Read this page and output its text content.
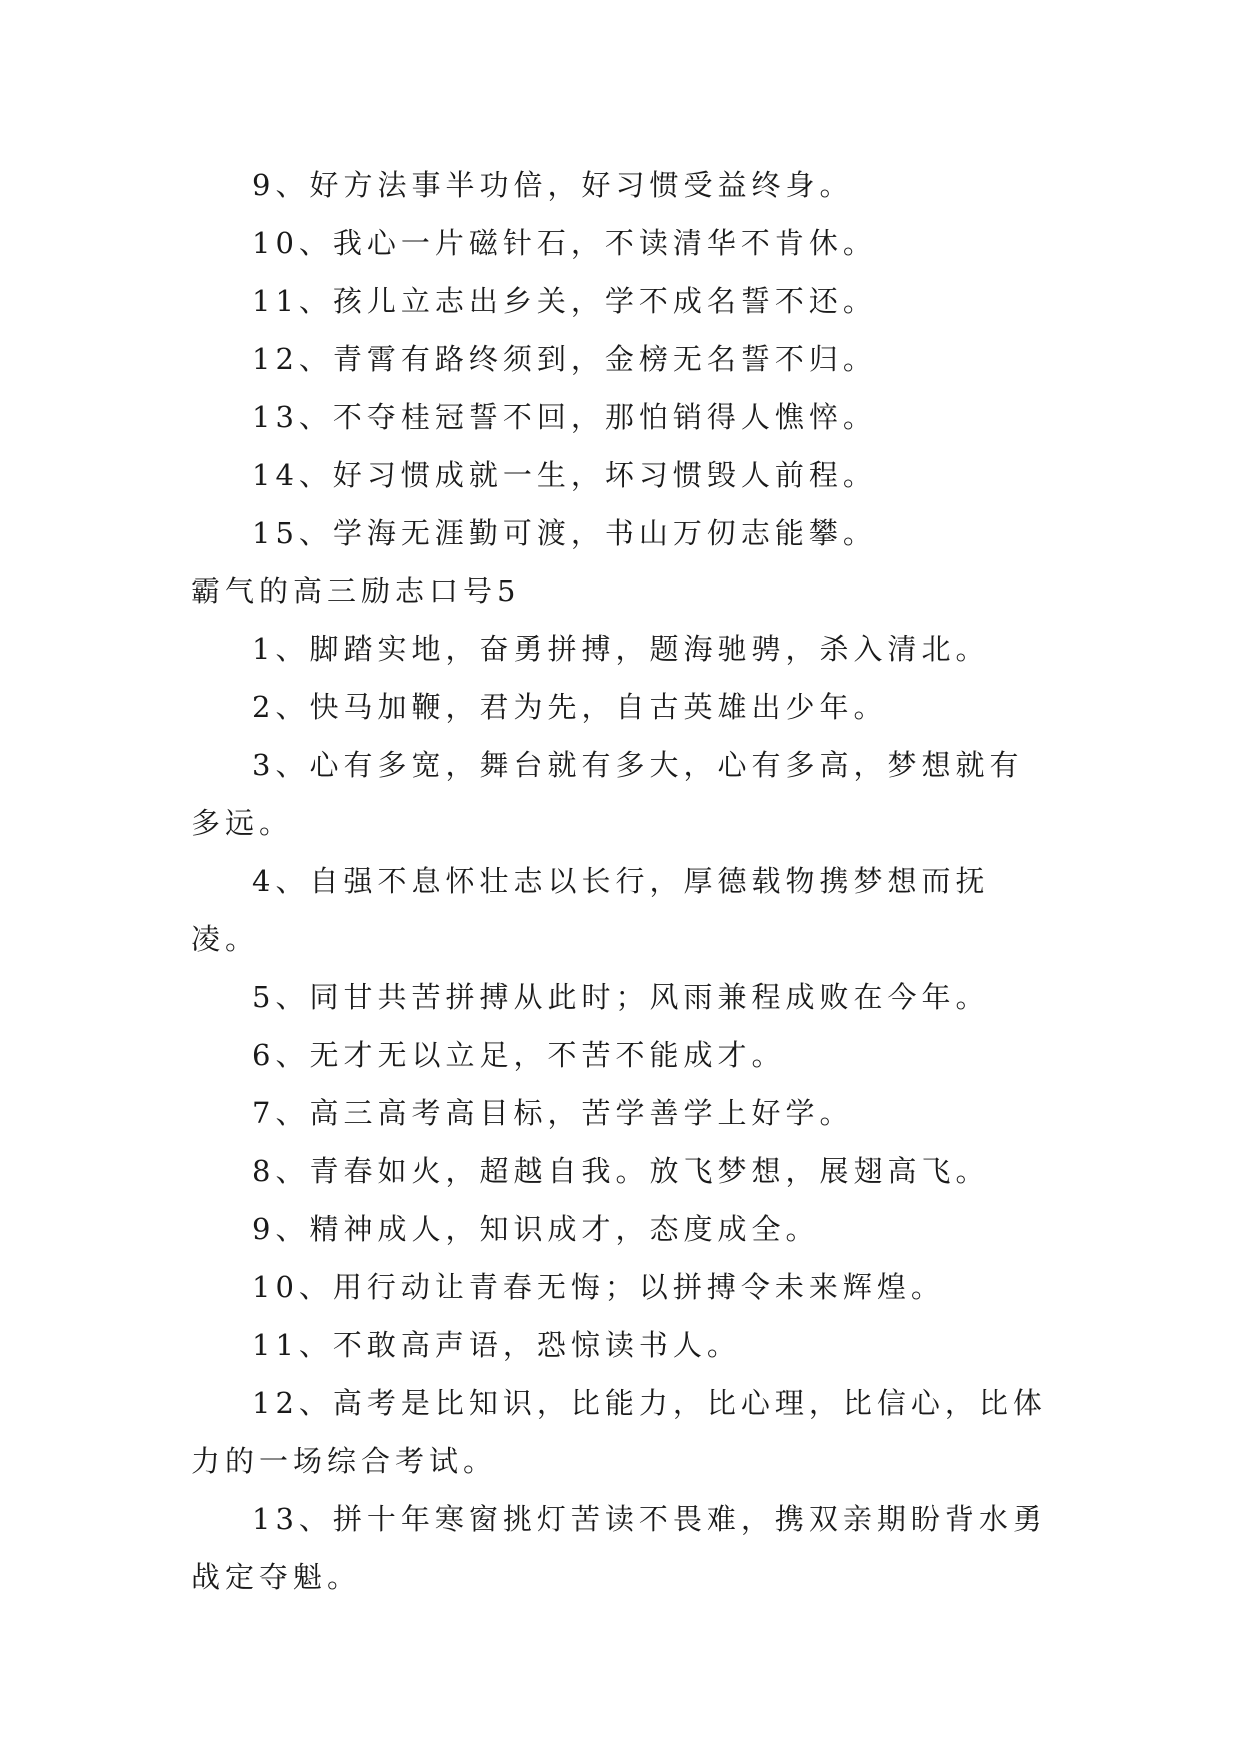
9、好方法事半功倍，好习惯受益终身。
10、我心一片磁针石，不读清华不肯休。
11、孩儿立志出乡关，学不成名誓不还。
12、青霄有路终须到，金榜无名誓不归。
13、不夺桂冠誓不回，那怕销得人憔悴。
14、好习惯成就一生，坏习惯毁人前程。
15、学海无涯勤可渡，书山万仞志能攀。
霸气的高三励志口号5
1、脚踏实地，奋勇拼搏，题海驰骋，杀入清北。
2、快马加鞭，君为先，自古英雄出少年。
3、心有多宽，舞台就有多大，心有多高，梦想就有多远。
4、自强不息怀壮志以长行，厚德载物携梦想而抚凌。
5、同甘共苦拼搏从此时；风雨兼程成败在今年。
6、无才无以立足，不苦不能成才。
7、高三高考高目标，苦学善学上好学。
8、青春如火，超越自我。放飞梦想，展翅高飞。
9、精神成人，知识成才，态度成全。
10、用行动让青春无悔；以拼搏令未来辉煌。
11、不敢高声语，恐惊读书人。
12、高考是比知识，比能力，比心理，比信心，比体力的一场综合考试。
13、拼十年寒窗挑灯苦读不畏难，携双亲期盼背水勇战定夺魁。
